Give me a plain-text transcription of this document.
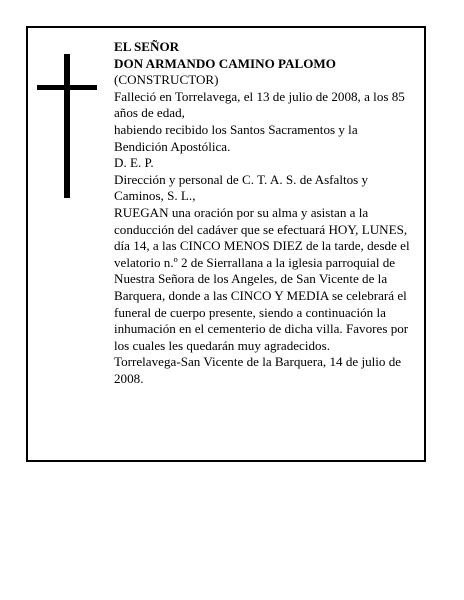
EL SEÑOR

DON ARMANDO CAMINO PALOMO

(CONSTRUCTOR)

Falleció en Torrelavega, el 13 de julio de 2008, a los 85 años de edad,

habiendo recibido los Santos Sacramentos y la Bendición Apostólica.

D. E. P.

Dirección y personal de C. T. A. S. de Asfaltos y Caminos, S. L.,

RUEGAN una oración por su alma y asistan a la conducción del cadáver que se efectuará HOY, LUNES, día 14, a las CINCO MENOS DIEZ de la tarde, desde el velatorio n.º 2 de Sierrallana a la iglesia parroquial de Nuestra Señora de los Angeles, de San Vicente de la Barquera, donde a las CINCO Y MEDIA se celebrará el funeral de cuerpo presente, siendo a continuación la inhumación en el cementerio de dicha villa. Favores por los cuales les quedarán muy agradecidos.

Torrelavega-San Vicente de la Barquera, 14 de julio de 2008.
